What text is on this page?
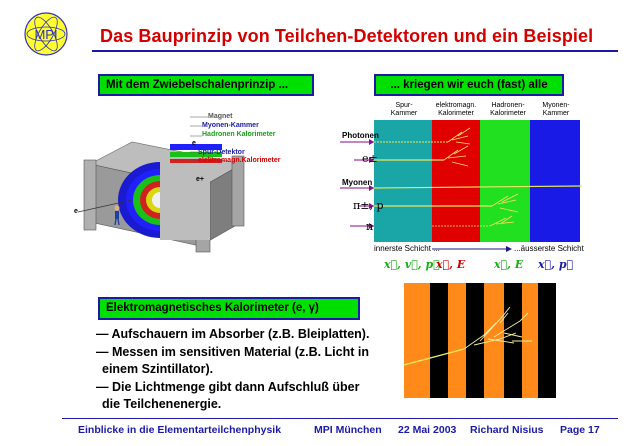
MPI Das Bauprinzip von Teilchen-Detektoren und ein Beispiel
Mit dem Zwiebelschalenprinzip ...	... kriegen wir euch (fast) alle
Magnet
Myonen-Kammer
Hadronen Kalorimeter
e
Spur-Detektor
elektromagn.Kalorimeter
e+
e
Spur-
Kammer
elektromagn.
Kalorimeter
Hadronen-
Kalorimeter
Myonen-
Kammer
Photonen
e±
Myonen
π±, p
n
innerste Schicht ...	...äusserste Schicht
x⃗, v⃗, p⃗
x⃗, E	x⃗, E x⃗, p⃗
Elektromagnetisches Kalorimeter (e, γ)
— Aufschauern im Absorber (z.B. Bleiplatten).
— Messen im sensitiven Material (z.B. Licht in
einem Szintillator).
— Die Lichtmenge gibt dann Aufschluß über
die Teilchenenergie.
Einblicke in die Elementarteilchenphysik	MPI München 22 Mai 2003 Richard Nisius Page 17
